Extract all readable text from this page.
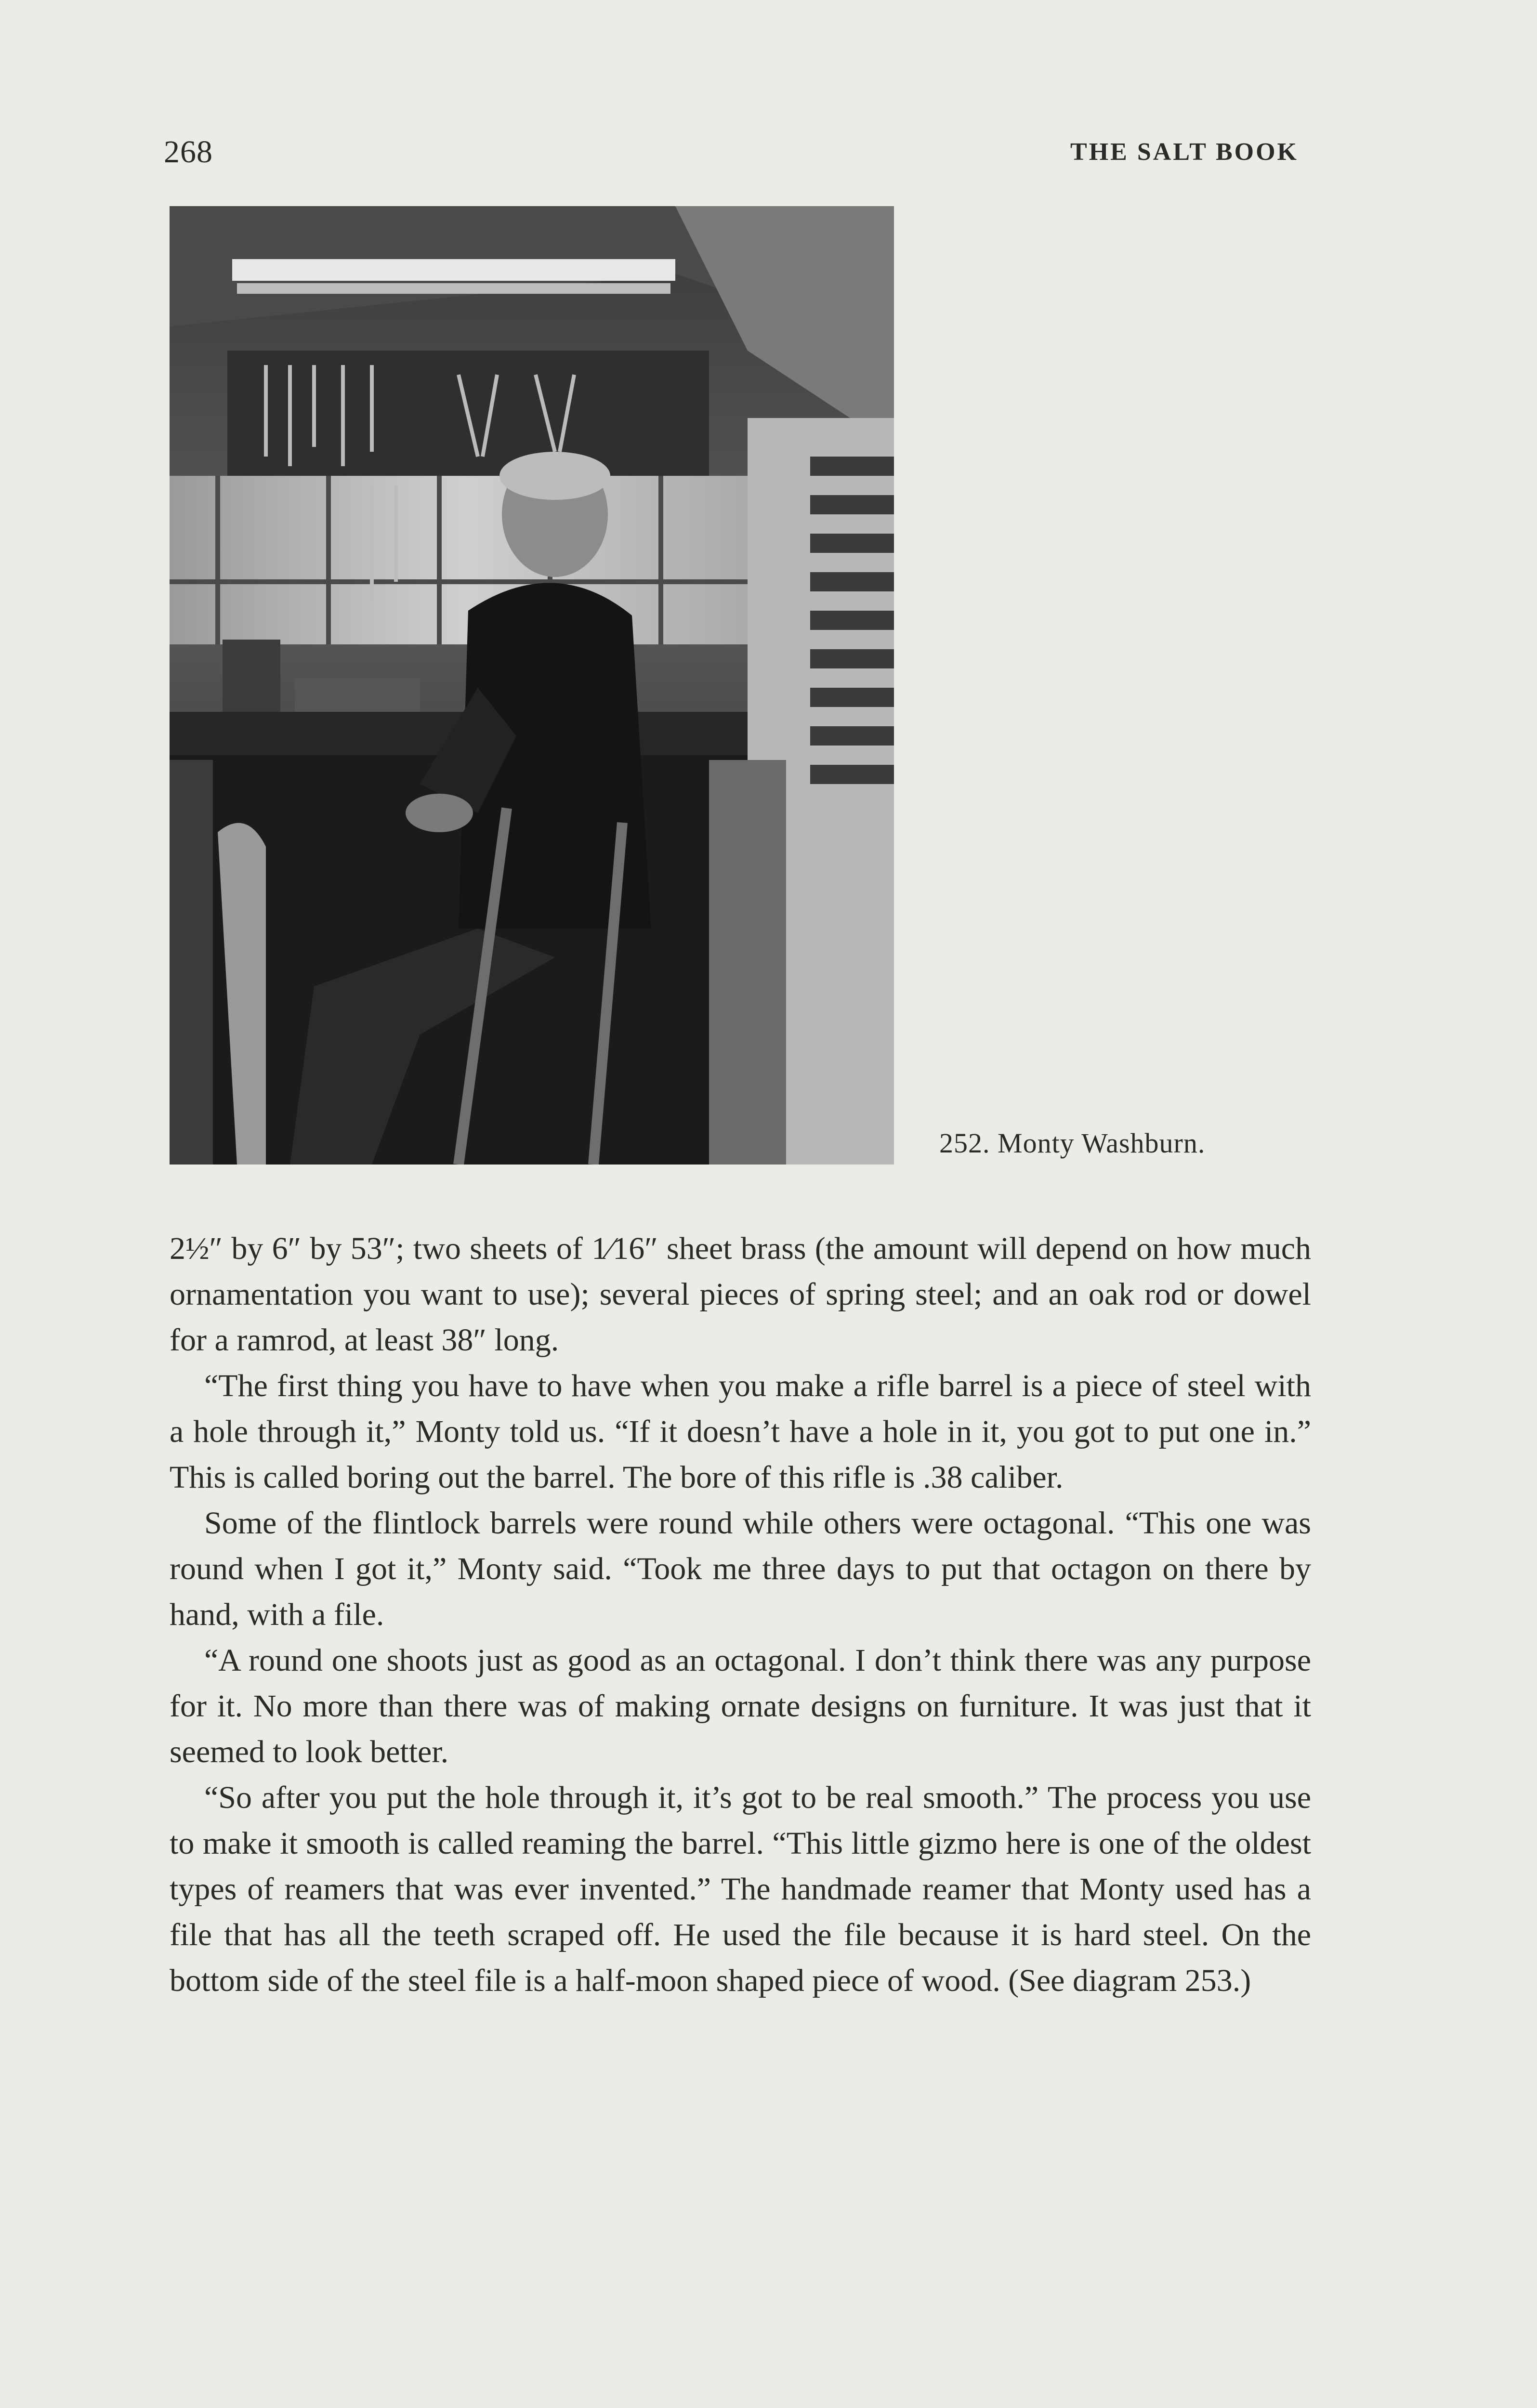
268	THE SALT BOOK
252. Monty Washburn.

2½″ by 6″ by 53″; two sheets of 1⁄16″ sheet brass (the amount will depend on how much ornamentation you want to use); several pieces of spring steel; and an oak rod or dowel for a ramrod, at least 38″ long.

“The first thing you have to have when you make a rifle barrel is a piece of steel with a hole through it,” Monty told us. “If it doesn’t have a hole in it, you got to put one in.” This is called boring out the barrel. The bore of this rifle is .38 caliber.

Some of the flintlock barrels were round while others were octagonal. “This one was round when I got it,” Monty said. “Took me three days to put that octagon on there by hand, with a file.

“A round one shoots just as good as an octagonal. I don’t think there was any purpose for it. No more than there was of making ornate designs on furniture. It was just that it seemed to look better.

“So after you put the hole through it, it’s got to be real smooth.” The process you use to make it smooth is called reaming the barrel. “This little gizmo here is one of the oldest types of reamers that was ever invented.” The handmade reamer that Monty used has a file that has all the teeth scraped off. He used the file because it is hard steel. On the bottom side of the steel file is a half-moon shaped piece of wood. (See diagram 253.)
